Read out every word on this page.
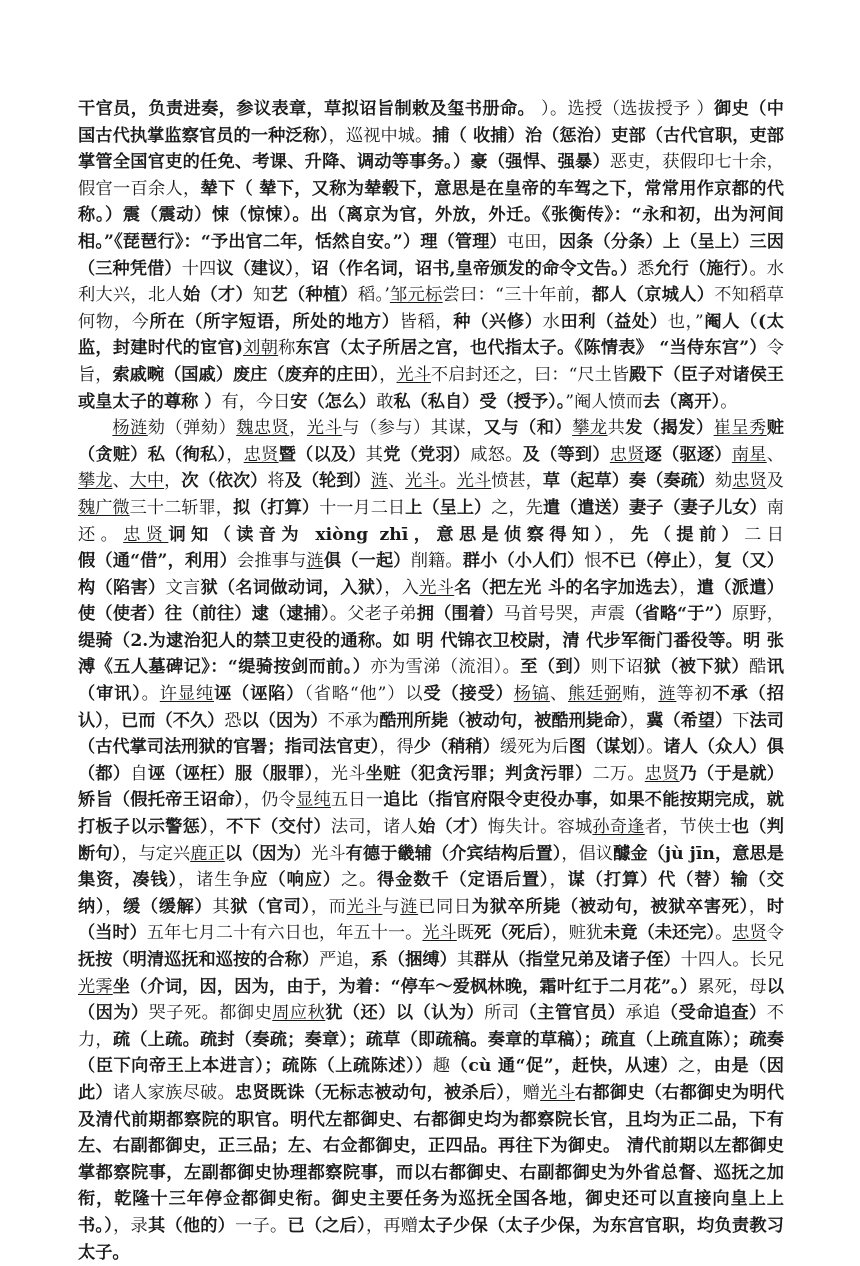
干官员，负责进奏，参议表章，草拟诏旨制敕及玺书册命。 ）。选授（选拔授予 ）御史（中国古代执掌监察官员的一种泛称），巡视中城。捕（ 收捕）治（惩治）吏部（古代官职，吏部掌管全国官吏的任免、考课、升降、调动等事务。）豪（强悍、强暴）恶吏，获假印七十余，假官一百余人，辇下（ 辇下，又称为辇毂下，意思是在皇帝的车驾之下，常常用作京都的代称。）震（震动）悚（惊悚）。出（离京为官，外放，外迁。《张衡传》：“永和初，出为河间相。”《琵琶行》：“予出官二年，恬然自安。”）理（管理）屯田，因条（分条）上（呈上）三因（三种凭借）十四议（建议），诏（作名词，诏书,皇帝颁发的命令文告。）悉允行（施行）。水利大兴，北人始（才）知艺（种植）稻。’邹元标尝曰：“三十年前，都人（京城人）不知稻草何物，今所在（所字短语，所处的地方）皆稻，种（兴修）水田利（益处）也，”阉人（(太监，封建时代的宦官)刘朝称东宫（太子所居之宫，也代指太子。《陈情表》 “当侍东宫”）令旨，索戚畹（国戚）废庄（废弃的庄田），光斗不启封还之，曰：“尺土皆殿下（臣子对诸侯王或皇太子的尊称 ）有，今日安（怎么）敢私（私自）受（授予）。”阉人愤而去（离开）。

杨涟劾（弹劾）魏忠贤，光斗与（参与）其谋，又与（和）攀龙共发（揭发）崔呈秀赃（贪赃）私（徇私），忠贤暨（以及）其党（党羽）咸怒。及（等到）忠贤逐（驱逐）南星、攀龙、大中，次（依次）将及（轮到）涟、光斗。光斗愤甚，草（起草）奏（奏疏）劾忠贤及魏广微三十二斩罪，拟（打算）十一月二日上（呈上）之，先遣（遣送）妻子（妻子儿女）南还。忠贤诇知（读音为 xiòng zhī，意思是侦察得知），先（提前）二日假（通“借”，利用）会推事与涟俱（一起）削籍。群小（小人们）恨不已（停止），复（又）构（陷害）文言狱（名词做动词，入狱），入光斗名（把左光 斗的名字加选去），遣（派遣）使（使者）往（前往）逮（逮捕）。父老子弟拥（围着）马首号哭，声震（省略“于”）原野，缇骑（2.为逮治犯人的禁卫吏役的通称。如 明 代锦衣卫校尉，清 代步军衙门番役等。明 张溥《五人墓碑记》：“缇骑按剑而前。）亦为雪涕（流泪）。至（到）则下诏狱（被下狱）酷讯（审讯）。许显纯诬（诬陷）（省略“他”）以受（接受）杨镐、熊廷弼贿，涟等初不承（招认），已而（不久）恐以（因为）不承为酷刑所毙（被动句，被酷刑毙命），冀（希望）下法司（古代掌司法刑狱的官署；指司法官吏），得少（稍稍）缓死为后图（谋划）。诸人（众人）俱（都）自诬（诬枉）服（服罪），光斗坐赃（犯贪污罪；判贪污罪）二万。忠贤乃（于是就）矫旨（假托帝王诏命），仍令显纯五日一追比（指官府限令吏役办事，如果不能按期完成，就打板子以示警惩），不下（交付）法司，诸人始（才）悔失计。容城孙奇逢者，节侠士也（判断句），与定兴鹿正以（因为）光斗有德于畿辅（介宾结构后置），倡议醵金（jù jīn，意思是集资，凑钱），诸生争应（响应）之。得金数千（定语后置），谋（打算）代（替）输（交纳），缓（缓解）其狱（官司），而光斗与涟已同日为狱卒所毙（被动句，被狱卒害死），时（当时）五年七月二十有六日也，年五十一。光斗既死（死后），赃犹未竟（未还完）。忠贤令抚按（明清巡抚和巡按的合称）严追，系（捆缚）其群从（指堂兄弟及诸子侄）十四人。长兄光霁坐（介词，因，因为，由于，为着：“停车～爱枫林晚，霜叶红于二月花”。）累死，母以（因为）哭子死。都御史周应秋犹（还）以（认为）所司（主管官员）承追（受命追查）不力，疏（上疏。疏封（奏疏；奏章）；疏草（即疏稿。奏章的草稿）；疏直（上疏直陈）；疏奏（臣下向帝王上本进言）；疏陈（上疏陈述））趣（cù 通“促”，赶快，从速）之，由是（因此）诸人家族尽破。忠贤既诛（无标志被动句，被杀后），赠光斗右都御史（右都御史为明代及清代前期都察院的职官。明代左都御史、右都御史均为都察院长官，且均为正二品，下有左、右副都御史，正三品；左、右佥都御史，正四品。再往下为御史。 清代前期以左都御史掌都察院事，左副都御史协理都察院事，而以右都御史、右副都御史为外省总督、巡抚之加衔，乾隆十三年停佥都御史衔。御史主要任务为巡抚全国各地，御史还可以直接向皇上上书。），录其（他的）一子。已（之后），再赠太子少保（太子少保，为东宫官职，均负责教习太子。
